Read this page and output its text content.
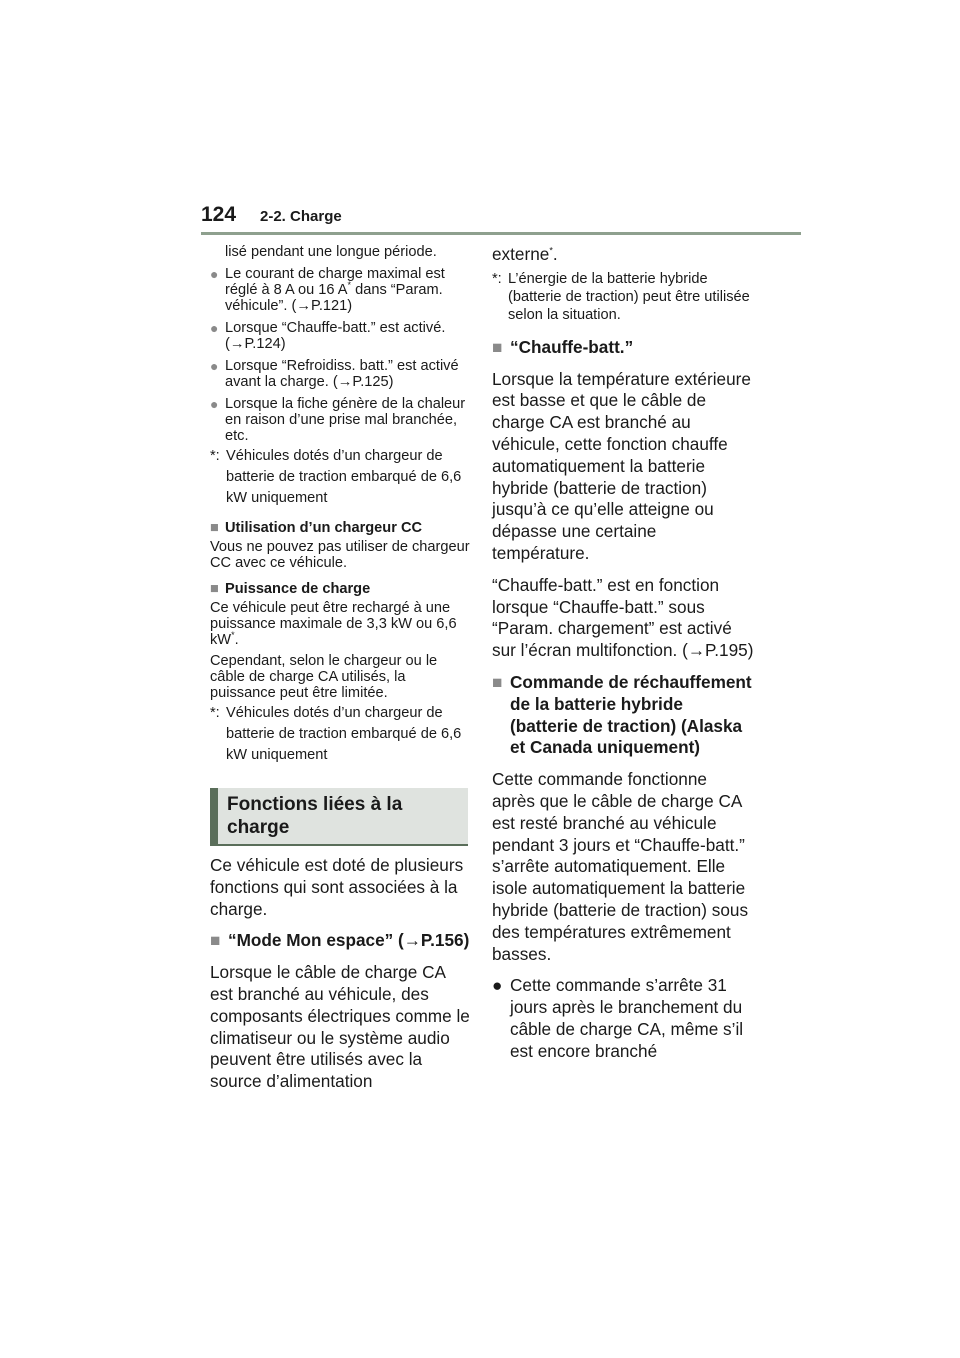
124 2-2. Charge
lisé pendant une longue période.
● Le courant de charge maximal est réglé à 8 A ou 16 A* dans “Param. véhicule”. (→P.121)
● Lorsque “Chauffe-batt.” est activé. (→P.124)
● Lorsque “Refroidiss. batt.” est activé avant la charge. (→P.125)
● Lorsque la fiche génère de la chaleur en raison d’une prise mal branchée, etc.
*: Véhicules dotés d’un chargeur de batterie de traction embarqué de 6,6 kW uniquement
■ Utilisation d’un chargeur CC
Vous ne pouvez pas utiliser de chargeur CC avec ce véhicule.
■ Puissance de charge
Ce véhicule peut être rechargé à une puissance maximale de 3,3 kW ou 6,6 kW*.
Cependant, selon le chargeur ou le câble de charge CA utilisés, la puissance peut être limitée.
*: Véhicules dotés d’un chargeur de batterie de traction embarqué de 6,6 kW uniquement
Fonctions liées à la charge
Ce véhicule est doté de plusieurs fonctions qui sont associées à la charge.
■ “Mode Mon espace” (→P.156)
Lorsque le câble de charge CA est branché au véhicule, des composants électriques comme le climatiseur ou le système audio peuvent être utilisés avec la source d’alimentation
externe*.
*: L’énergie de la batterie hybride (batterie de traction) peut être utilisée selon la situation.
■ “Chauffe-batt.”
Lorsque la température extérieure est basse et que le câble de charge CA est branché au véhicule, cette fonction chauffe automatiquement la batterie hybride (batterie de traction) jusqu’à ce qu’elle atteigne ou dépasse une certaine température.
“Chauffe-batt.” est en fonction lorsque “Chauffe-batt.” sous “Param. chargement” est activé sur l’écran multifonction. (→P.195)
■ Commande de réchauffement de la batterie hybride (batterie de traction) (Alaska et Canada uniquement)
Cette commande fonctionne après que le câble de charge CA est resté branché au véhicule pendant 3 jours et “Chauffe-batt.” s’arrête automatiquement. Elle isole automatiquement la batterie hybride (batterie de traction) sous des températures extrêmement basses.
● Cette commande s’arrête 31 jours après le branchement du câble de charge CA, même s’il est encore branché
